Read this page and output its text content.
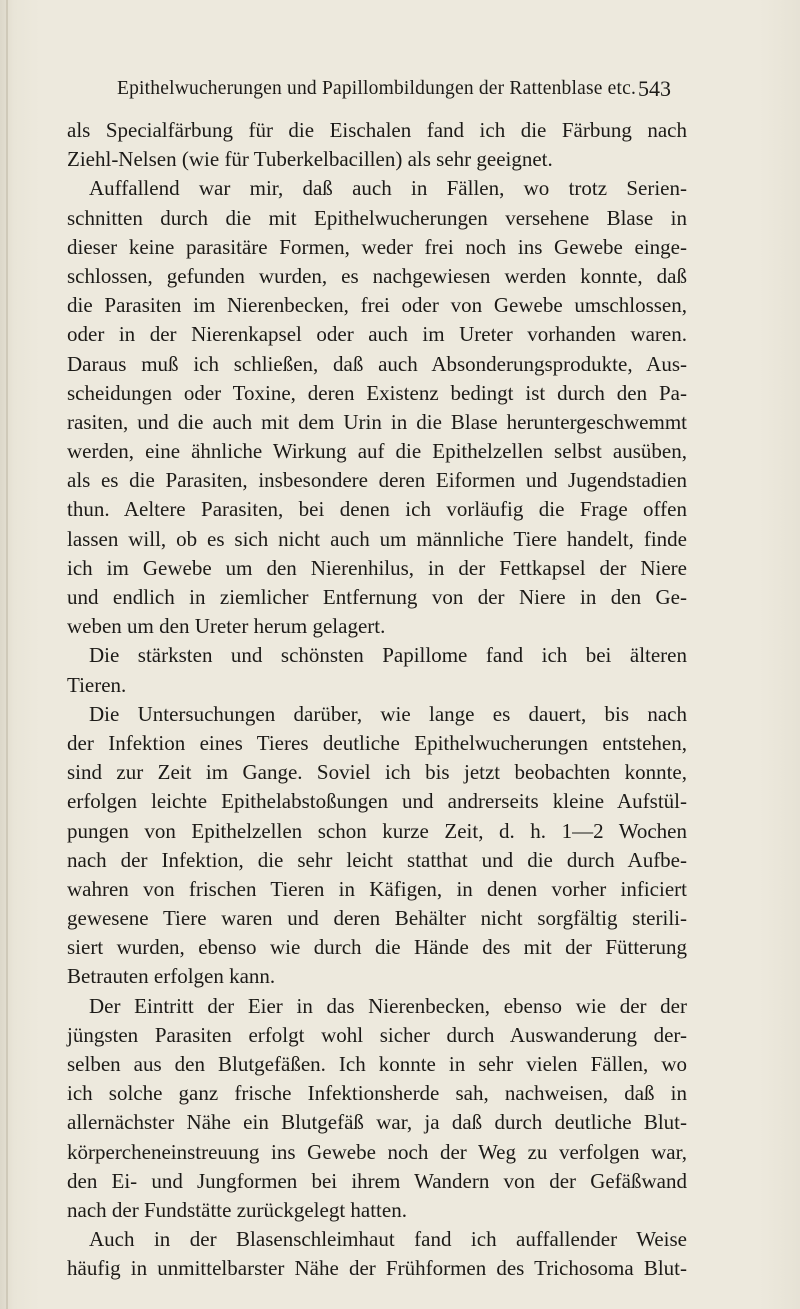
Epithelwucherungen und Papillombildungen der Rattenblase etc. 543
als Specialfärbung für die Eischalen fand ich die Färbung nach
Ziehl-Nelsen (wie für Tuberkelbacillen) als sehr geeignet.
Auffallend war mir, daß auch in Fällen, wo trotz Serien-
schnitten durch die mit Epithelwucherungen versehene Blase in
dieser keine parasitäre Formen, weder frei noch ins Gewebe einge-
schlossen, gefunden wurden, es nachgewiesen werden konnte, daß
die Parasiten im Nierenbecken, frei oder von Gewebe umschlossen,
oder in der Nierenkapsel oder auch im Ureter vorhanden waren.
Daraus muß ich schließen, daß auch Absonderungsprodukte, Aus-
scheidungen oder Toxine, deren Existenz bedingt ist durch den Pa-
rasiten, und die auch mit dem Urin in die Blase heruntergeschwemmt
werden, eine ähnliche Wirkung auf die Epithelzellen selbst ausüben,
als es die Parasiten, insbesondere deren Eiformen und Jugendstadien
thun. Aeltere Parasiten, bei denen ich vorläufig die Frage offen
lassen will, ob es sich nicht auch um männliche Tiere handelt, finde
ich im Gewebe um den Nierenhilus, in der Fettkapsel der Niere
und endlich in ziemlicher Entfernung von der Niere in den Ge-
weben um den Ureter herum gelagert.
Die stärksten und schönsten Papillome fand ich bei älteren
Tieren.
Die Untersuchungen darüber, wie lange es dauert, bis nach
der Infektion eines Tieres deutliche Epithelwucherungen entstehen,
sind zur Zeit im Gange. Soviel ich bis jetzt beobachten konnte,
erfolgen leichte Epithelabstoßungen und andrerseits kleine Aufstül-
pungen von Epithelzellen schon kurze Zeit, d. h. 1—2 Wochen
nach der Infektion, die sehr leicht statthat und die durch Aufbe-
wahren von frischen Tieren in Käfigen, in denen vorher inficiert
gewesene Tiere waren und deren Behälter nicht sorgfältig sterili-
siert wurden, ebenso wie durch die Hände des mit der Fütterung
Betrauten erfolgen kann.
Der Eintritt der Eier in das Nierenbecken, ebenso wie der der
jüngsten Parasiten erfolgt wohl sicher durch Auswanderung der-
selben aus den Blutgefäßen. Ich konnte in sehr vielen Fällen, wo
ich solche ganz frische Infektionsherde sah, nachweisen, daß in
allernächster Nähe ein Blutgefäß war, ja daß durch deutliche Blut-
körpercheneinstreuung ins Gewebe noch der Weg zu verfolgen war,
den Ei- und Jungformen bei ihrem Wandern von der Gefäßwand
nach der Fundstätte zurückgelegt hatten.
Auch in der Blasenschleimhaut fand ich auffallender Weise
häufig in unmittelbarster Nähe der Frühformen des Trichosoma Blut-
